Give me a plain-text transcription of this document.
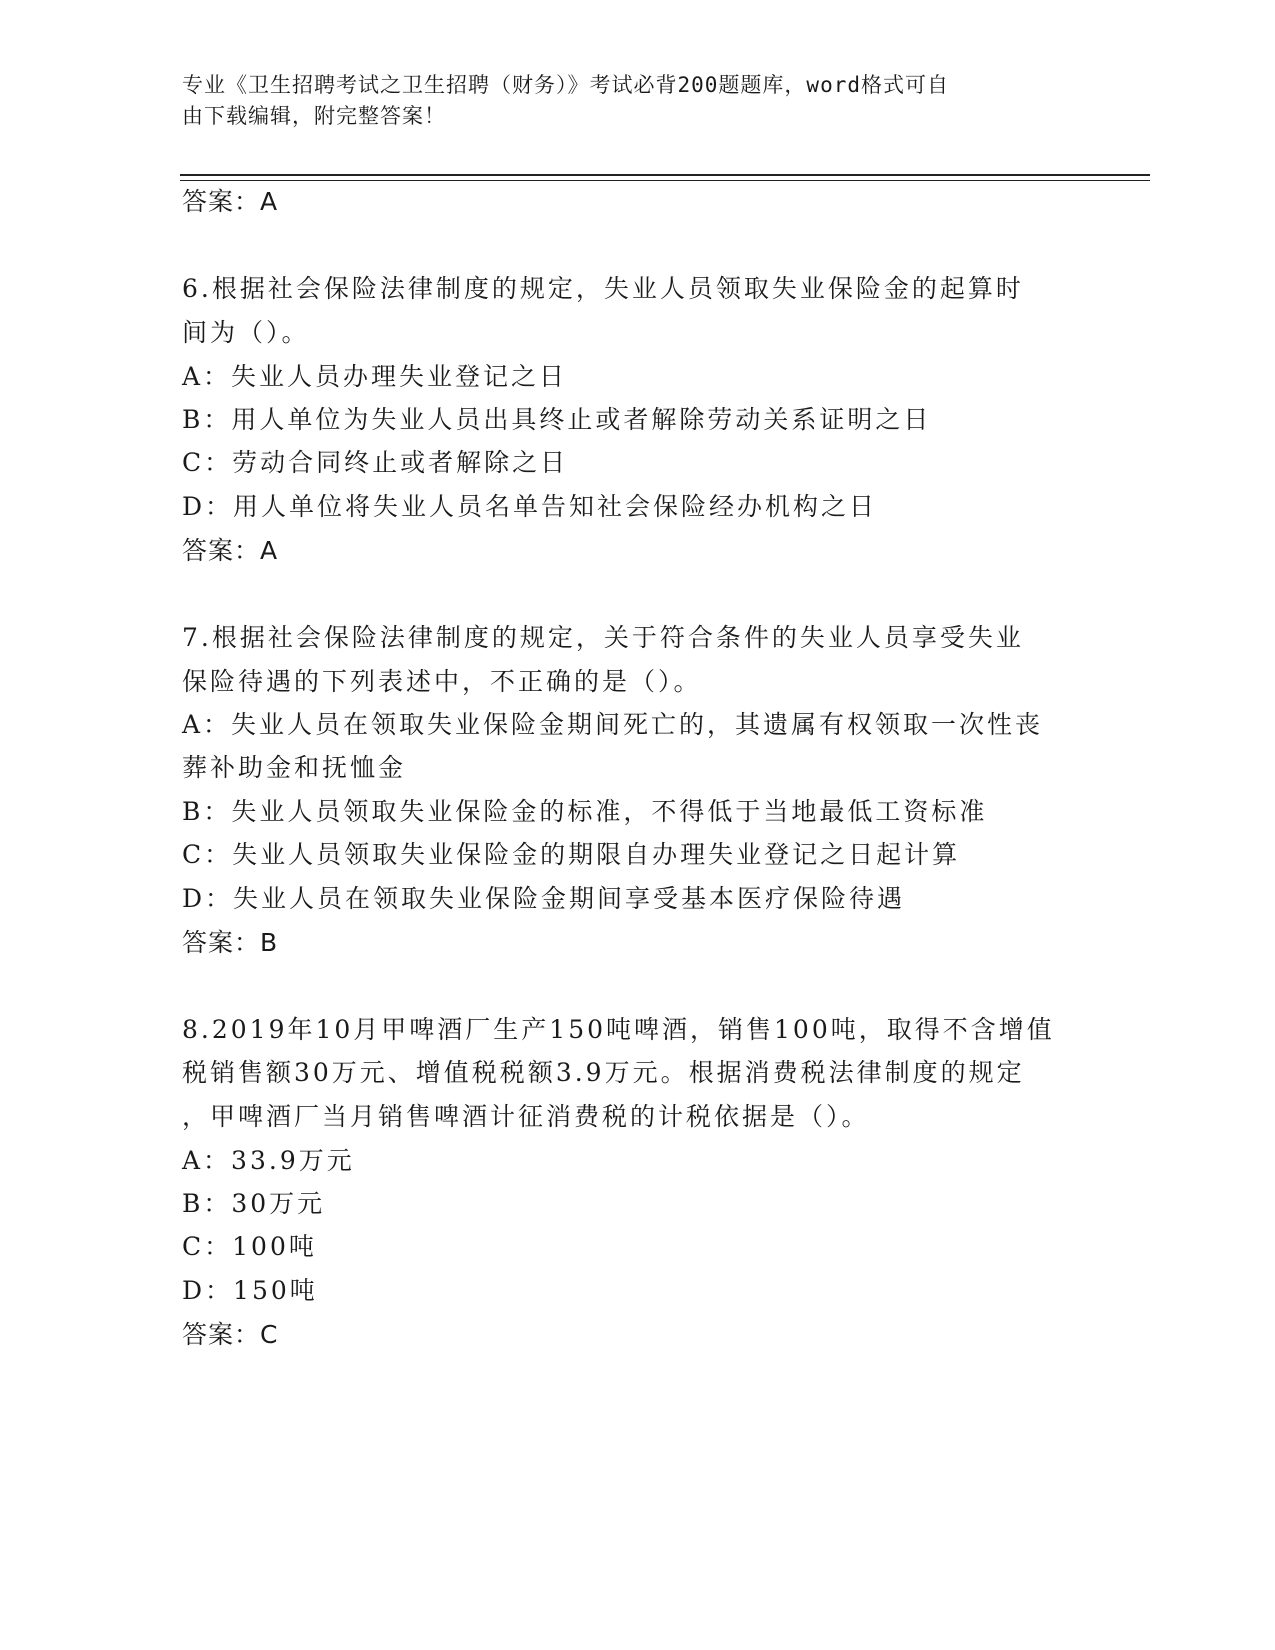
专业《卫生招聘考试之卫生招聘（财务）》考试必背200题题库，word格式可自
由下载编辑，附完整答案！
答案：A
6.根据社会保险法律制度的规定，失业人员领取失业保险金的起算时
间为（）。
A：失业人员办理失业登记之日
B：用人单位为失业人员出具终止或者解除劳动关系证明之日
C：劳动合同终止或者解除之日
D：用人单位将失业人员名单告知社会保险经办机构之日
答案：A
7.根据社会保险法律制度的规定，关于符合条件的失业人员享受失业
保险待遇的下列表述中，不正确的是（）。
A：失业人员在领取失业保险金期间死亡的，其遗属有权领取一次性丧
葬补助金和抚恤金
B：失业人员领取失业保险金的标准，不得低于当地最低工资标准
C：失业人员领取失业保险金的期限自办理失业登记之日起计算
D：失业人员在领取失业保险金期间享受基本医疗保险待遇
答案：B
8.2019年10月甲啤酒厂生产150吨啤酒，销售100吨，取得不含增值
税销售额30万元、增值税税额3.9万元。根据消费税法律制度的规定
，甲啤酒厂当月销售啤酒计征消费税的计税依据是（）。
A：33.9万元
B：30万元
C：100吨
D：150吨
答案：C
